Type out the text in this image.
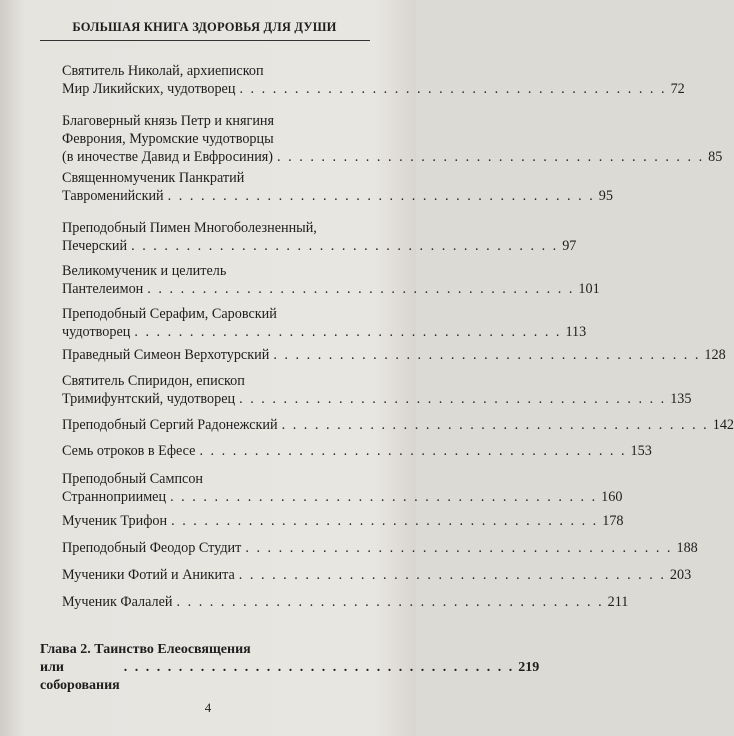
БОЛЬШАЯ КНИГА ЗДОРОВЬЯ ДЛЯ ДУШИ
Святитель Николай, архиепископ
Мир Ликийских, чудотворец . . . . . . . . . . . . . . . . . . . . . . . . . . . . . . . . . . . . . . . 72
Благоверный князь Петр и княгиня
Феврония, Муромские чудотворцы
(в иночестве Давид и Евфросиния) . . . . . . . . . . . . . . . . . . . . . . . . . . . . . . . . . . . . . . . 85
Священномученик Панкратий
Тавроменийский . . . . . . . . . . . . . . . . . . . . . . . . . . . . . . . . . . . . . . . 95
Преподобный Пимен Многоболезненный,
Печерский . . . . . . . . . . . . . . . . . . . . . . . . . . . . . . . . . . . . . . . 97
Великомученик и целитель
Пантелеимон . . . . . . . . . . . . . . . . . . . . . . . . . . . . . . . . . . . . . . . 101
Преподобный Серафим, Саровский
чудотворец . . . . . . . . . . . . . . . . . . . . . . . . . . . . . . . . . . . . . . . 113
Праведный Симеон Верхотурский . . . . . . . . . . . . . . . . . . . . . . . . . . . . . . . . . . . . . . . 128
Святитель Спиридон, епископ
Тримифунтский, чудотворец . . . . . . . . . . . . . . . . . . . . . . . . . . . . . . . . . . . . . . . 135
Преподобный Сергий Радонежский . . . . . . . . . . . . . . . . . . . . . . . . . . . . . . . . . . . . . . . 142
Семь отроков в Ефесе . . . . . . . . . . . . . . . . . . . . . . . . . . . . . . . . . . . . . . . 153
Преподобный Сампсон
Странноприимец . . . . . . . . . . . . . . . . . . . . . . . . . . . . . . . . . . . . . . . 160
Мученик Трифон . . . . . . . . . . . . . . . . . . . . . . . . . . . . . . . . . . . . . . . 178
Преподобный Феодор Студит . . . . . . . . . . . . . . . . . . . . . . . . . . . . . . . . . . . . . . . 188
Мученики Фотий и Аникита . . . . . . . . . . . . . . . . . . . . . . . . . . . . . . . . . . . . . . . 203
Мученик Фалалей . . . . . . . . . . . . . . . . . . . . . . . . . . . . . . . . . . . . . . . 211
Глава 2. Таинство Елеосвящения
или соборования
. . . . . . . . . . . . . . . . . . . . . . . . . . . . . . . . . . . . 219
4
